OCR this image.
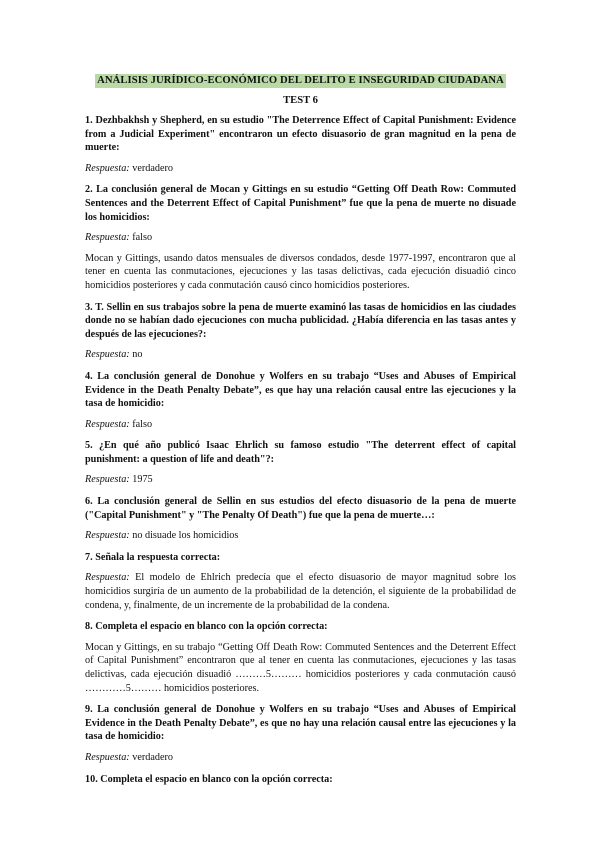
ANÁLISIS JURÍDICO-ECONÓMICO DEL DELITO E INSEGURIDAD CIUDADANA
TEST 6

1. Dezhbakhsh y Shepherd, en su estudio "The Deterrence Effect of Capital Punishment: Evidence from a Judicial Experiment" encontraron un efecto disuasorio de gran magnitud en la pena de muerte:

Respuesta: verdadero

2. La conclusión general de Mocan y Gittings en su estudio “Getting Off Death Row: Commuted Sentences and the Deterrent Effect of Capital Punishment” fue que la pena de muerte no disuade los homicidios:

Respuesta: falso

Mocan y Gittings, usando datos mensuales de diversos condados, desde 1977-1997, encontraron que al tener en cuenta las conmutaciones, ejecuciones y las tasas delictivas, cada ejecución disuadió cinco homicidios posteriores y cada conmutación causó cinco homicidios posteriores.

3. T. Sellin en sus trabajos sobre la pena de muerte examinó las tasas de homicidios en las ciudades donde no se habían dado ejecuciones con mucha publicidad. ¿Había diferencia en las tasas antes y después de las ejecuciones?:

Respuesta: no

4. La conclusión general de Donohue y Wolfers en su trabajo “Uses and Abuses of Empirical Evidence in the Death Penalty Debate”, es que hay una relación causal entre las ejecuciones y la tasa de homicidio:

Respuesta: falso

5. ¿En qué año publicó Isaac Ehrlich su famoso estudio "The deterrent effect of capital punishment: a question of life and death"?:

Respuesta: 1975

6. La conclusión general de Sellin en sus estudios del efecto disuasorio de la pena de muerte ("Capital Punishment" y "The Penalty Of Death") fue que la pena de muerte…:

Respuesta: no disuade los homicidios

7. Señala la respuesta correcta:

Respuesta: El modelo de Ehlrich predecía que el efecto disuasorio de mayor magnitud sobre los homicidios surgiría de un aumento de la probabilidad de la detención, el siguiente de la probabilidad de condena, y, finalmente, de un incremente de la probabilidad de la condena.

8. Completa el espacio en blanco con la opción correcta:

Mocan y Gittings, en su trabajo “Getting Off Death Row: Commuted Sentences and the Deterrent Effect of Capital Punishment” encontraron que al tener en cuenta las conmutaciones, ejecuciones y las tasas delictivas, cada ejecución disuadió ………5……… homicidios posteriores y cada conmutación causó …………5……… homicidios posteriores.

9. La conclusión general de Donohue y Wolfers en su trabajo “Uses and Abuses of Empirical Evidence in the Death Penalty Debate”, es que no hay una relación causal entre las ejecuciones y la tasa de homicidio:

Respuesta: verdadero

10. Completa el espacio en blanco con la opción correcta:
